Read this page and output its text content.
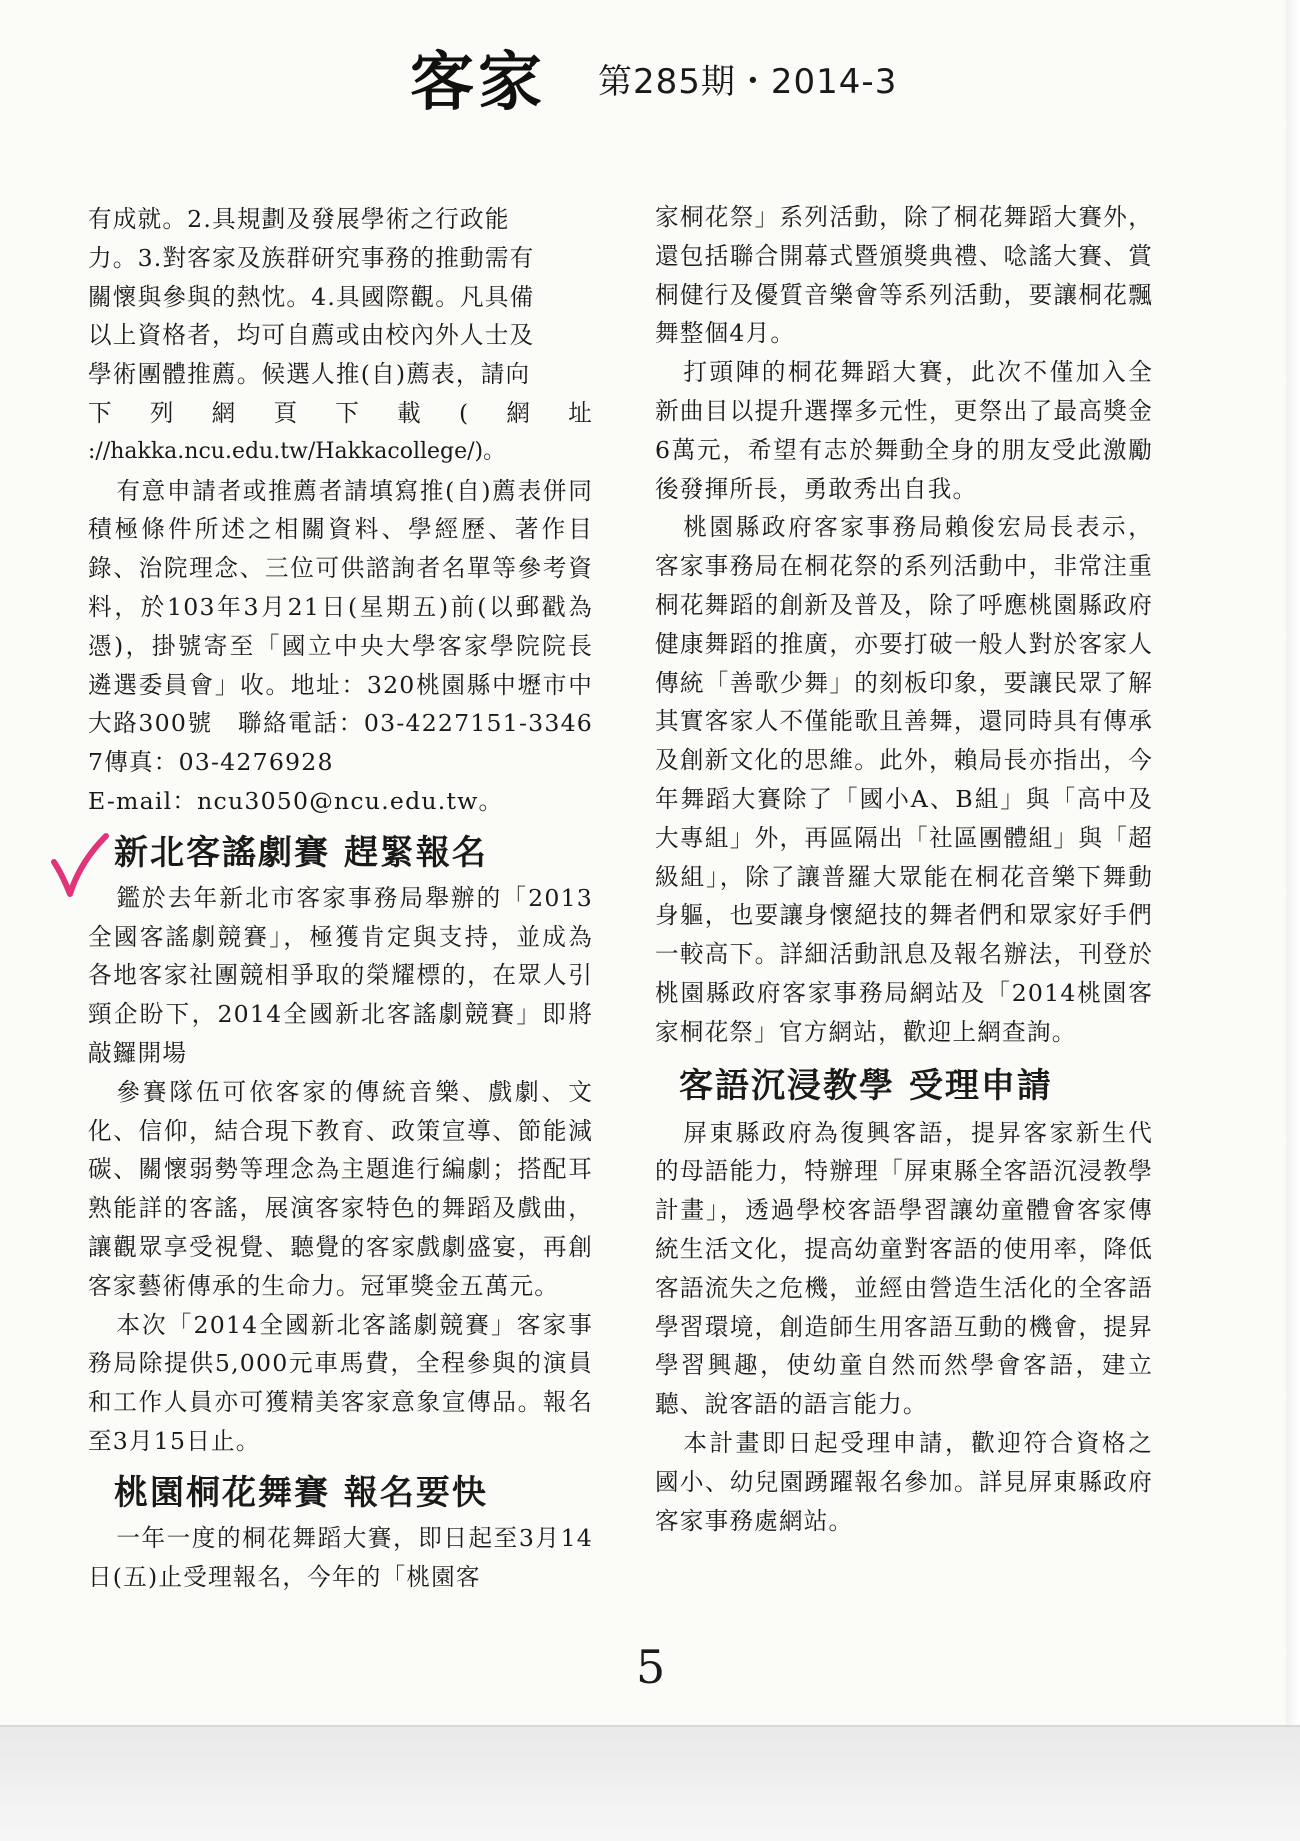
客家 第285期・2014-3

有成就。2.具規劃及發展學術之行政能

力。3.對客家及族群研究事務的推動需有

關懷與參與的熱忱。4.具國際觀。凡具備

以上資格者，均可自薦或由校內外人士及

學術團體推薦。候選人推(自)薦表，請向

下列網頁下載(網址

://hakka.ncu.edu.tw/Hakkacollege/)。

有意申請者或推薦者請填寫推(自)薦表併同積極條件所述之相關資料、學經歷、著作目錄、治院理念、三位可供諮詢者名單等參考資料，於103年3月21日(星期五)前(以郵戳為憑)，掛號寄至「國立中央大學客家學院院長遴選委員會」收。地址：320桃園縣中壢市中大路300號　聯絡電話：03-4227151-33467傳真：03-4276928

E-mail：ncu3050@ncu.edu.tw。

新北客謠劇賽 趕緊報名

鑑於去年新北市客家事務局舉辦的「2013全國客謠劇競賽」，極獲肯定與支持，並成為各地客家社團競相爭取的榮耀標的，在眾人引頸企盼下，2014全國新北客謠劇競賽」即將敲鑼開場

參賽隊伍可依客家的傳統音樂、戲劇、文化、信仰，結合現下教育、政策宣導、節能減碳、關懷弱勢等理念為主題進行編劇；搭配耳熟能詳的客謠，展演客家特色的舞蹈及戲曲，讓觀眾享受視覺、聽覺的客家戲劇盛宴，再創客家藝術傳承的生命力。冠軍獎金五萬元。

本次「2014全國新北客謠劇競賽」客家事務局除提供5,000元車馬費，全程參與的演員和工作人員亦可獲精美客家意象宣傳品。報名至3月15日止。

桃園桐花舞賽 報名要快

一年一度的桐花舞蹈大賽，即日起至3月14日(五)止受理報名，今年的「桃園客

家桐花祭」系列活動，除了桐花舞蹈大賽外，還包括聯合開幕式暨頒獎典禮、唸謠大賽、賞桐健行及優質音樂會等系列活動，要讓桐花飄舞整個4月。

打頭陣的桐花舞蹈大賽，此次不僅加入全新曲目以提升選擇多元性，更祭出了最高獎金6萬元，希望有志於舞動全身的朋友受此激勵後發揮所長，勇敢秀出自我。

桃園縣政府客家事務局賴俊宏局長表示，客家事務局在桐花祭的系列活動中，非常注重桐花舞蹈的創新及普及，除了呼應桃園縣政府健康舞蹈的推廣，亦要打破一般人對於客家人傳統「善歌少舞」的刻板印象，要讓民眾了解其實客家人不僅能歌且善舞，還同時具有傳承及創新文化的思維。此外，賴局長亦指出，今年舞蹈大賽除了「國小A、B組」與「高中及大專組」外，再區隔出「社區團體組」與「超級組」，除了讓普羅大眾能在桐花音樂下舞動身軀，也要讓身懷絕技的舞者們和眾家好手們一較高下。詳細活動訊息及報名辦法，刊登於桃園縣政府客家事務局網站及「2014桃園客家桐花祭」官方網站，歡迎上網查詢。

客語沉浸教學 受理申請

屏東縣政府為復興客語，提昇客家新生代的母語能力，特辦理「屏東縣全客語沉浸教學計畫」，透過學校客語學習讓幼童體會客家傳統生活文化，提高幼童對客語的使用率，降低客語流失之危機，並經由營造生活化的全客語學習環境，創造師生用客語互動的機會，提昇學習興趣，使幼童自然而然學會客語，建立聽、說客語的語言能力。

本計畫即日起受理申請，歡迎符合資格之國小、幼兒園踴躍報名參加。詳見屏東縣政府客家事務處網站。

5
